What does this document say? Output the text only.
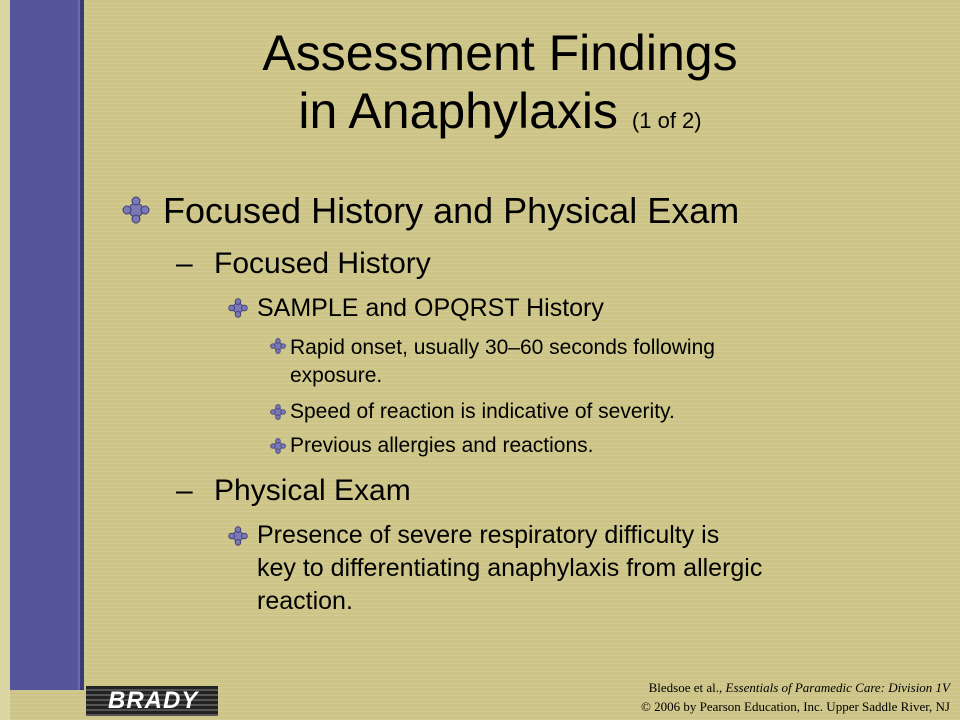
Assessment Findings
in Anaphylaxis (1 of 2)
Focused History and Physical Exam
– Focused History
SAMPLE and OPQRST History
Rapid onset, usually 30–60 seconds following
exposure.
Speed of reaction is indicative of severity.
Previous allergies and reactions.
– Physical Exam
Presence of severe respiratory difficulty is
key to differentiating anaphylaxis from allergic
reaction.
BRADY	Bledsoe et al., Essentials of Paramedic Care: Division 1V
© 2006 by Pearson Education, Inc. Upper Saddle River, NJ
